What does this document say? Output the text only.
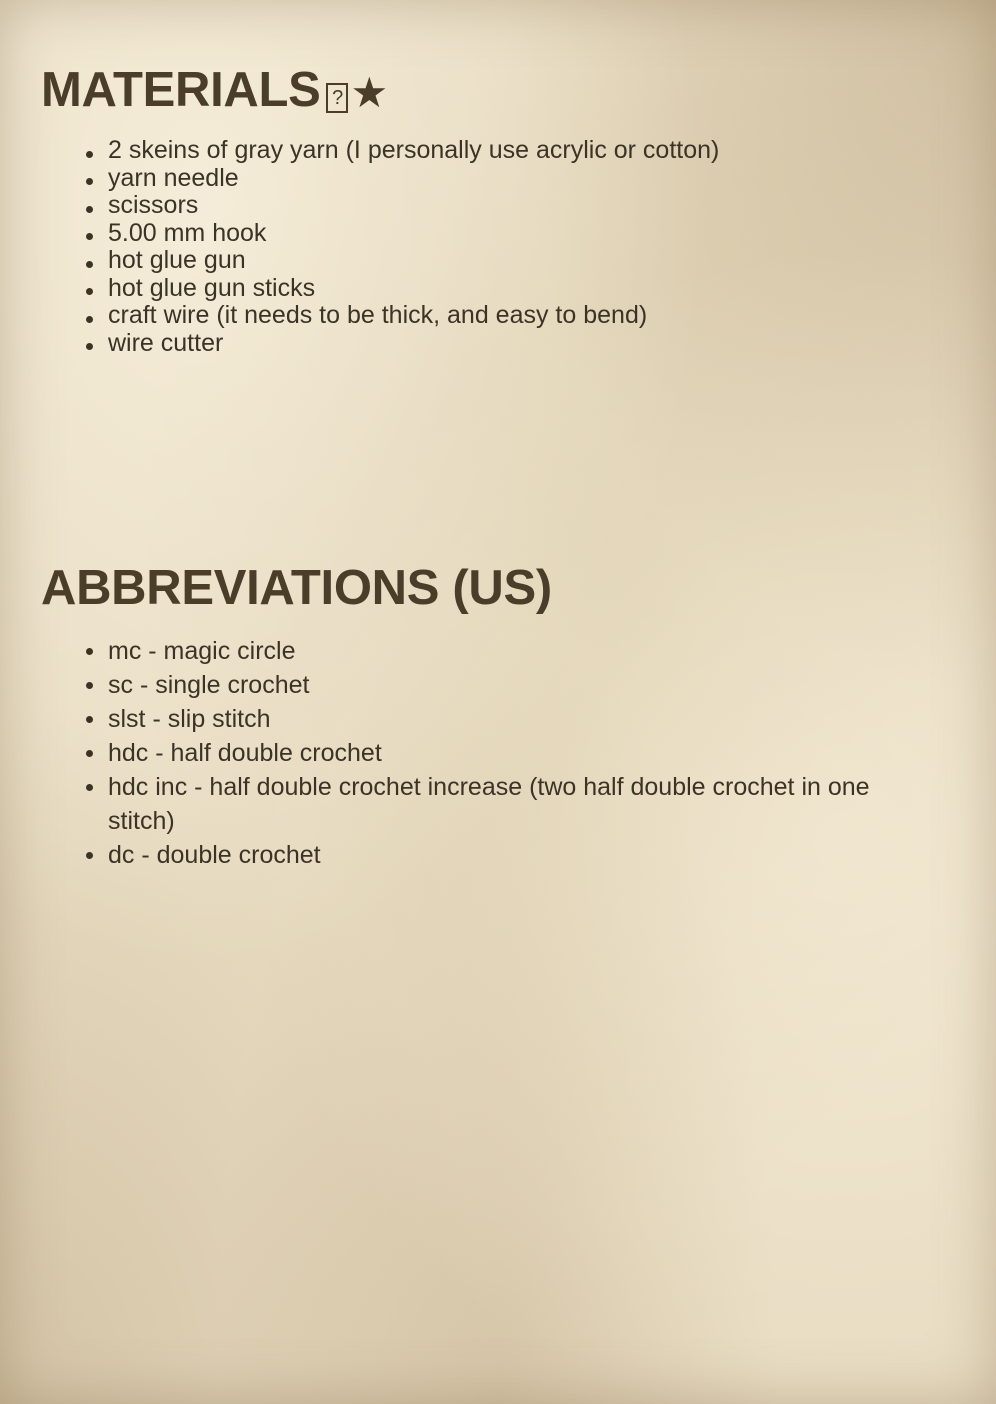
MATERIALS ? ★
2 skeins of gray yarn (I personally use acrylic or cotton)
yarn needle
scissors
5.00 mm hook
hot glue gun
hot glue gun sticks
craft wire (it needs to be thick, and easy to bend)
wire cutter
ABBREVIATIONS (US)
mc - magic circle
sc - single crochet
slst - slip stitch
hdc - half double crochet
hdc inc - half double crochet increase (two half double crochet in one stitch)
dc - double crochet
